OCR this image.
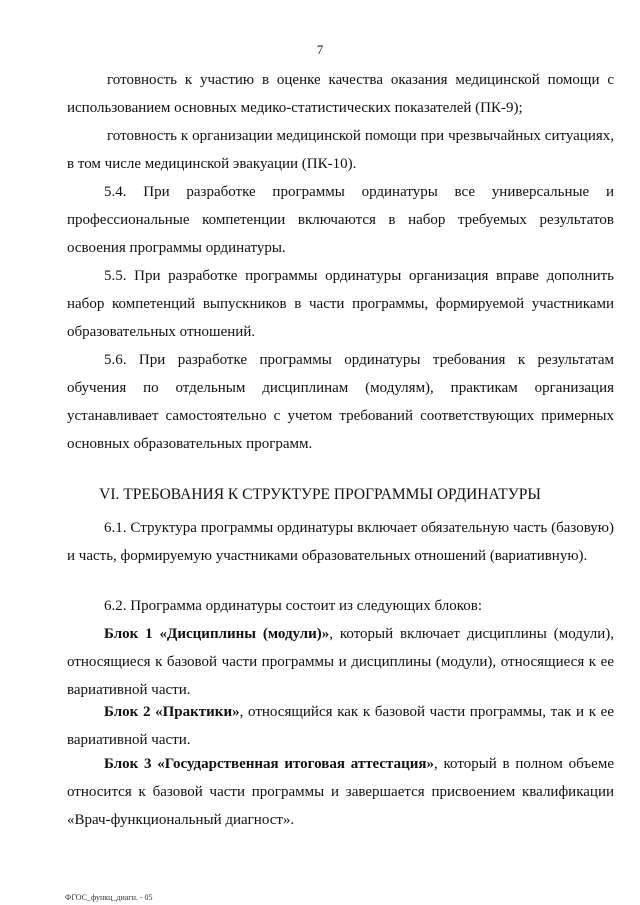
7
готовность к участию в оценке качества оказания медицинской помощи с использованием основных медико-статистических показателей (ПК-9);
готовность к организации медицинской помощи при чрезвычайных ситуациях, в том числе медицинской эвакуации (ПК-10).
5.4. При разработке программы ординатуры все универсальные и профессиональные компетенции включаются в набор требуемых результатов освоения программы ординатуры.
5.5. При разработке программы ординатуры организация вправе дополнить набор компетенций выпускников в части программы, формируемой участниками образовательных отношений.
5.6. При разработке программы ординатуры требования к результатам обучения по отдельным дисциплинам (модулям), практикам организация устанавливает самостоятельно с учетом требований соответствующих примерных основных образовательных программ.
VI. ТРЕБОВАНИЯ К СТРУКТУРЕ ПРОГРАММЫ ОРДИНАТУРЫ
6.1. Структура программы ординатуры включает обязательную часть (базовую) и часть, формируемую участниками образовательных отношений (вариативную).
6.2. Программа ординатуры состоит из следующих блоков:
Блок 1 «Дисциплины (модули)», который включает дисциплины (модули), относящиеся к базовой части программы и дисциплины (модули), относящиеся к ее вариативной части.
Блок 2 «Практики», относящийся как к базовой части программы, так и к ее вариативной части.
Блок 3 «Государственная итоговая аттестация», который в полном объеме относится к базовой части программы и завершается присвоением квалификации «Врач-функциональный диагност».
ФГОС_функц_диагн. - 05
